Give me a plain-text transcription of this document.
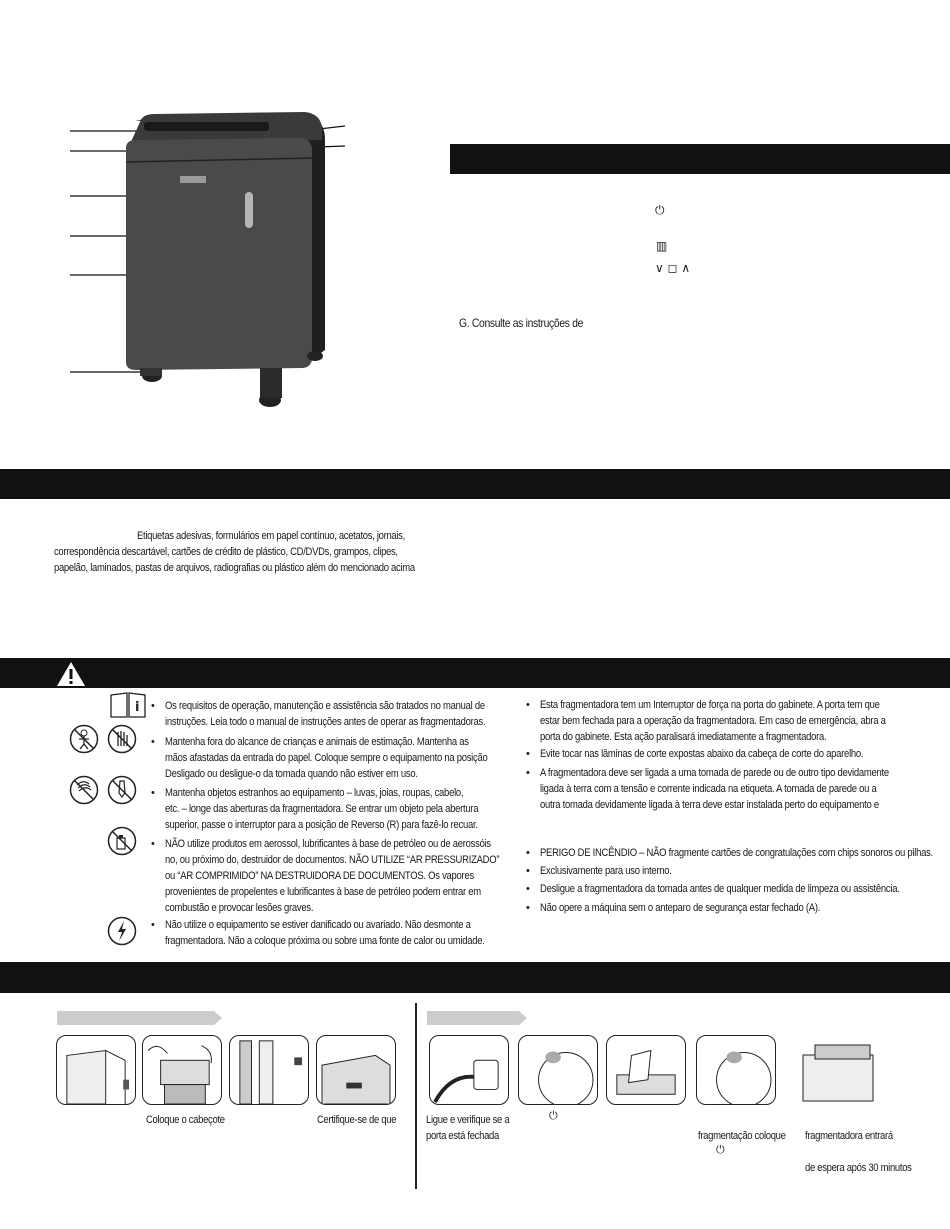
⏻
▥
∨ ◻ ∧
G. Consulte as instruções de
Etiquetas adesivas, formulários em papel contínuo, acetatos, jornais,
correspondência descartável, cartões de crédito de plástico, CD/DVDs, grampos, clipes,
papelão, laminados, pastas de arquivos, radiografias ou plástico além do mencionado acima
i • Os requisitos de operação, manutenção e assistência são tratados no manual de
instruções. Leia todo o manual de instruções antes de operar as fragmentadoras.
• Mantenha fora do alcance de crianças e animais de estimação. Mantenha as
mãos afastadas da entrada do papel. Coloque sempre o equipamento na posição
Desligado ou desligue-o da tomada quando não estiver em uso.
• Mantenha objetos estranhos ao equipamento – luvas, joias, roupas, cabelo,
etc. – longe das aberturas da fragmentadora. Se entrar um objeto pela abertura
superior, passe o interruptor para a posição de Reverso (R) para fazê-lo recuar.
• NÃO utilize produtos em aerossol, lubrificantes à base de petróleo ou de aerossóis
no, ou próximo do, destruidor de documentos. NÃO UTILIZE “AR PRESSURIZADO”
ou “AR COMPRIMIDO” NA DESTRUIDORA DE DOCUMENTOS. Os vapores
provenientes de propelentes e lubrificantes à base de petróleo podem entrar em
combustão e provocar lesões graves.
• Não utilize o equipamento se estiver danificado ou avariado. Não desmonte a
fragmentadora. Não a coloque próxima ou sobre uma fonte de calor ou umidade.
• Esta fragmentadora tem um Interruptor de força na porta do gabinete. A porta tem que
estar bem fechada para a operação da fragmentadora. Em caso de emergência, abra a
porta do gabinete. Esta ação paralisará imediatamente a fragmentadora.
• Evite tocar nas lâminas de corte expostas abaixo da cabeça de corte do aparelho.
• A fragmentadora deve ser ligada a uma tomada de parede ou de outro tipo devidamente
ligada à terra com a tensão e corrente indicada na etiqueta. A tomada de parede ou a
outra tomada devidamente ligada à terra deve estar instalada perto do equipamento e
• PERIGO DE INCÊNDIO – NÃO fragmente cartões de congratulações com chips sonoros ou pilhas.
• Exclusivamente para uso interno.
• Desligue a fragmentadora da tomada antes de qualquer medida de limpeza ou assistência.
• Não opere a máquina sem o anteparo de segurança estar fechado (A).
Coloque o cabeçote	Certifique-se de que	Ligue e verifique se a
porta está fechada
⏻
fragmentação coloque
⏻
fragmentadora entrará
de espera após 30 minutos
